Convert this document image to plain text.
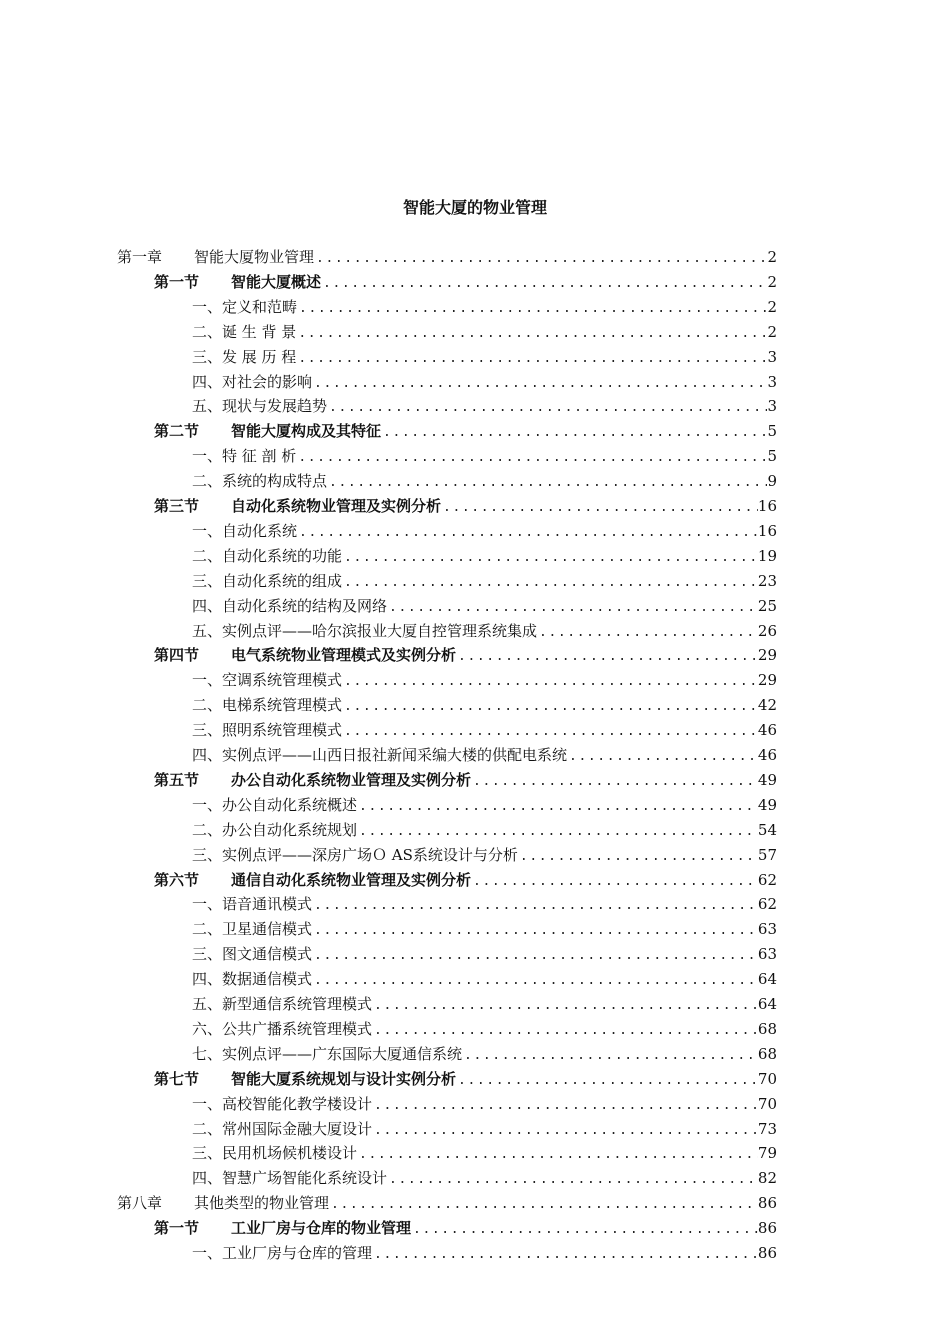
智能大厦的物业管理
第一章	智能大厦物业管理 .....	2
第一节	智能大厦概述 .....	2
一、定义和范畴 .....	2
二、诞 生 背 景 .....	2
三、发 展 历 程 .....	3
四、对社会的影响 .....	3
五、现状与发展趋势 .....	3
第二节	智能大厦构成及其特征 .....	5
一、特 征 剖 析 .....	5
二、系统的构成特点 .....	9
第三节	自动化系统物业管理及实例分析 .....	16
一、自动化系统 .....	16
二、自动化系统的功能 .....	19
三、自动化系统的组成 .....	23
四、自动化系统的结构及网络 .....	25
五、实例点评——哈尔滨报业大厦自控管理系统集成 .....	26
第四节	电气系统物业管理模式及实例分析 .....	29
一、空调系统管理模式 .....	29
二、电梯系统管理模式 .....	42
三、照明系统管理模式 .....	46
四、实例点评——山西日报社新闻采编大楼的供配电系统 .....	46
第五节	办公自动化系统物业管理及实例分析 .....	49
一、办公自动化系统概述 .....	49
二、办公自动化系统规划 .....	54
三、实例点评——深房广场Ｏ AS系统设计与分析 .....	57
第六节	通信自动化系统物业管理及实例分析 .....	62
一、语音通讯模式 .....	62
二、卫星通信模式 .....	63
三、图文通信模式 .....	63
四、数据通信模式 .....	64
五、新型通信系统管理模式 .....	64
六、公共广播系统管理模式 .....	68
七、实例点评——广东国际大厦通信系统 .....	68
第七节	智能大厦系统规划与设计实例分析 .....	70
一、高校智能化教学楼设计 .....	70
二、常州国际金融大厦设计 .....	73
三、民用机场候机楼设计 .....	79
四、智慧广场智能化系统设计 .....	82
第八章	其他类型的物业管理 .....	86
第一节	工业厂房与仓库的物业管理 .....	86
一、工业厂房与仓库的管理 .....	86
